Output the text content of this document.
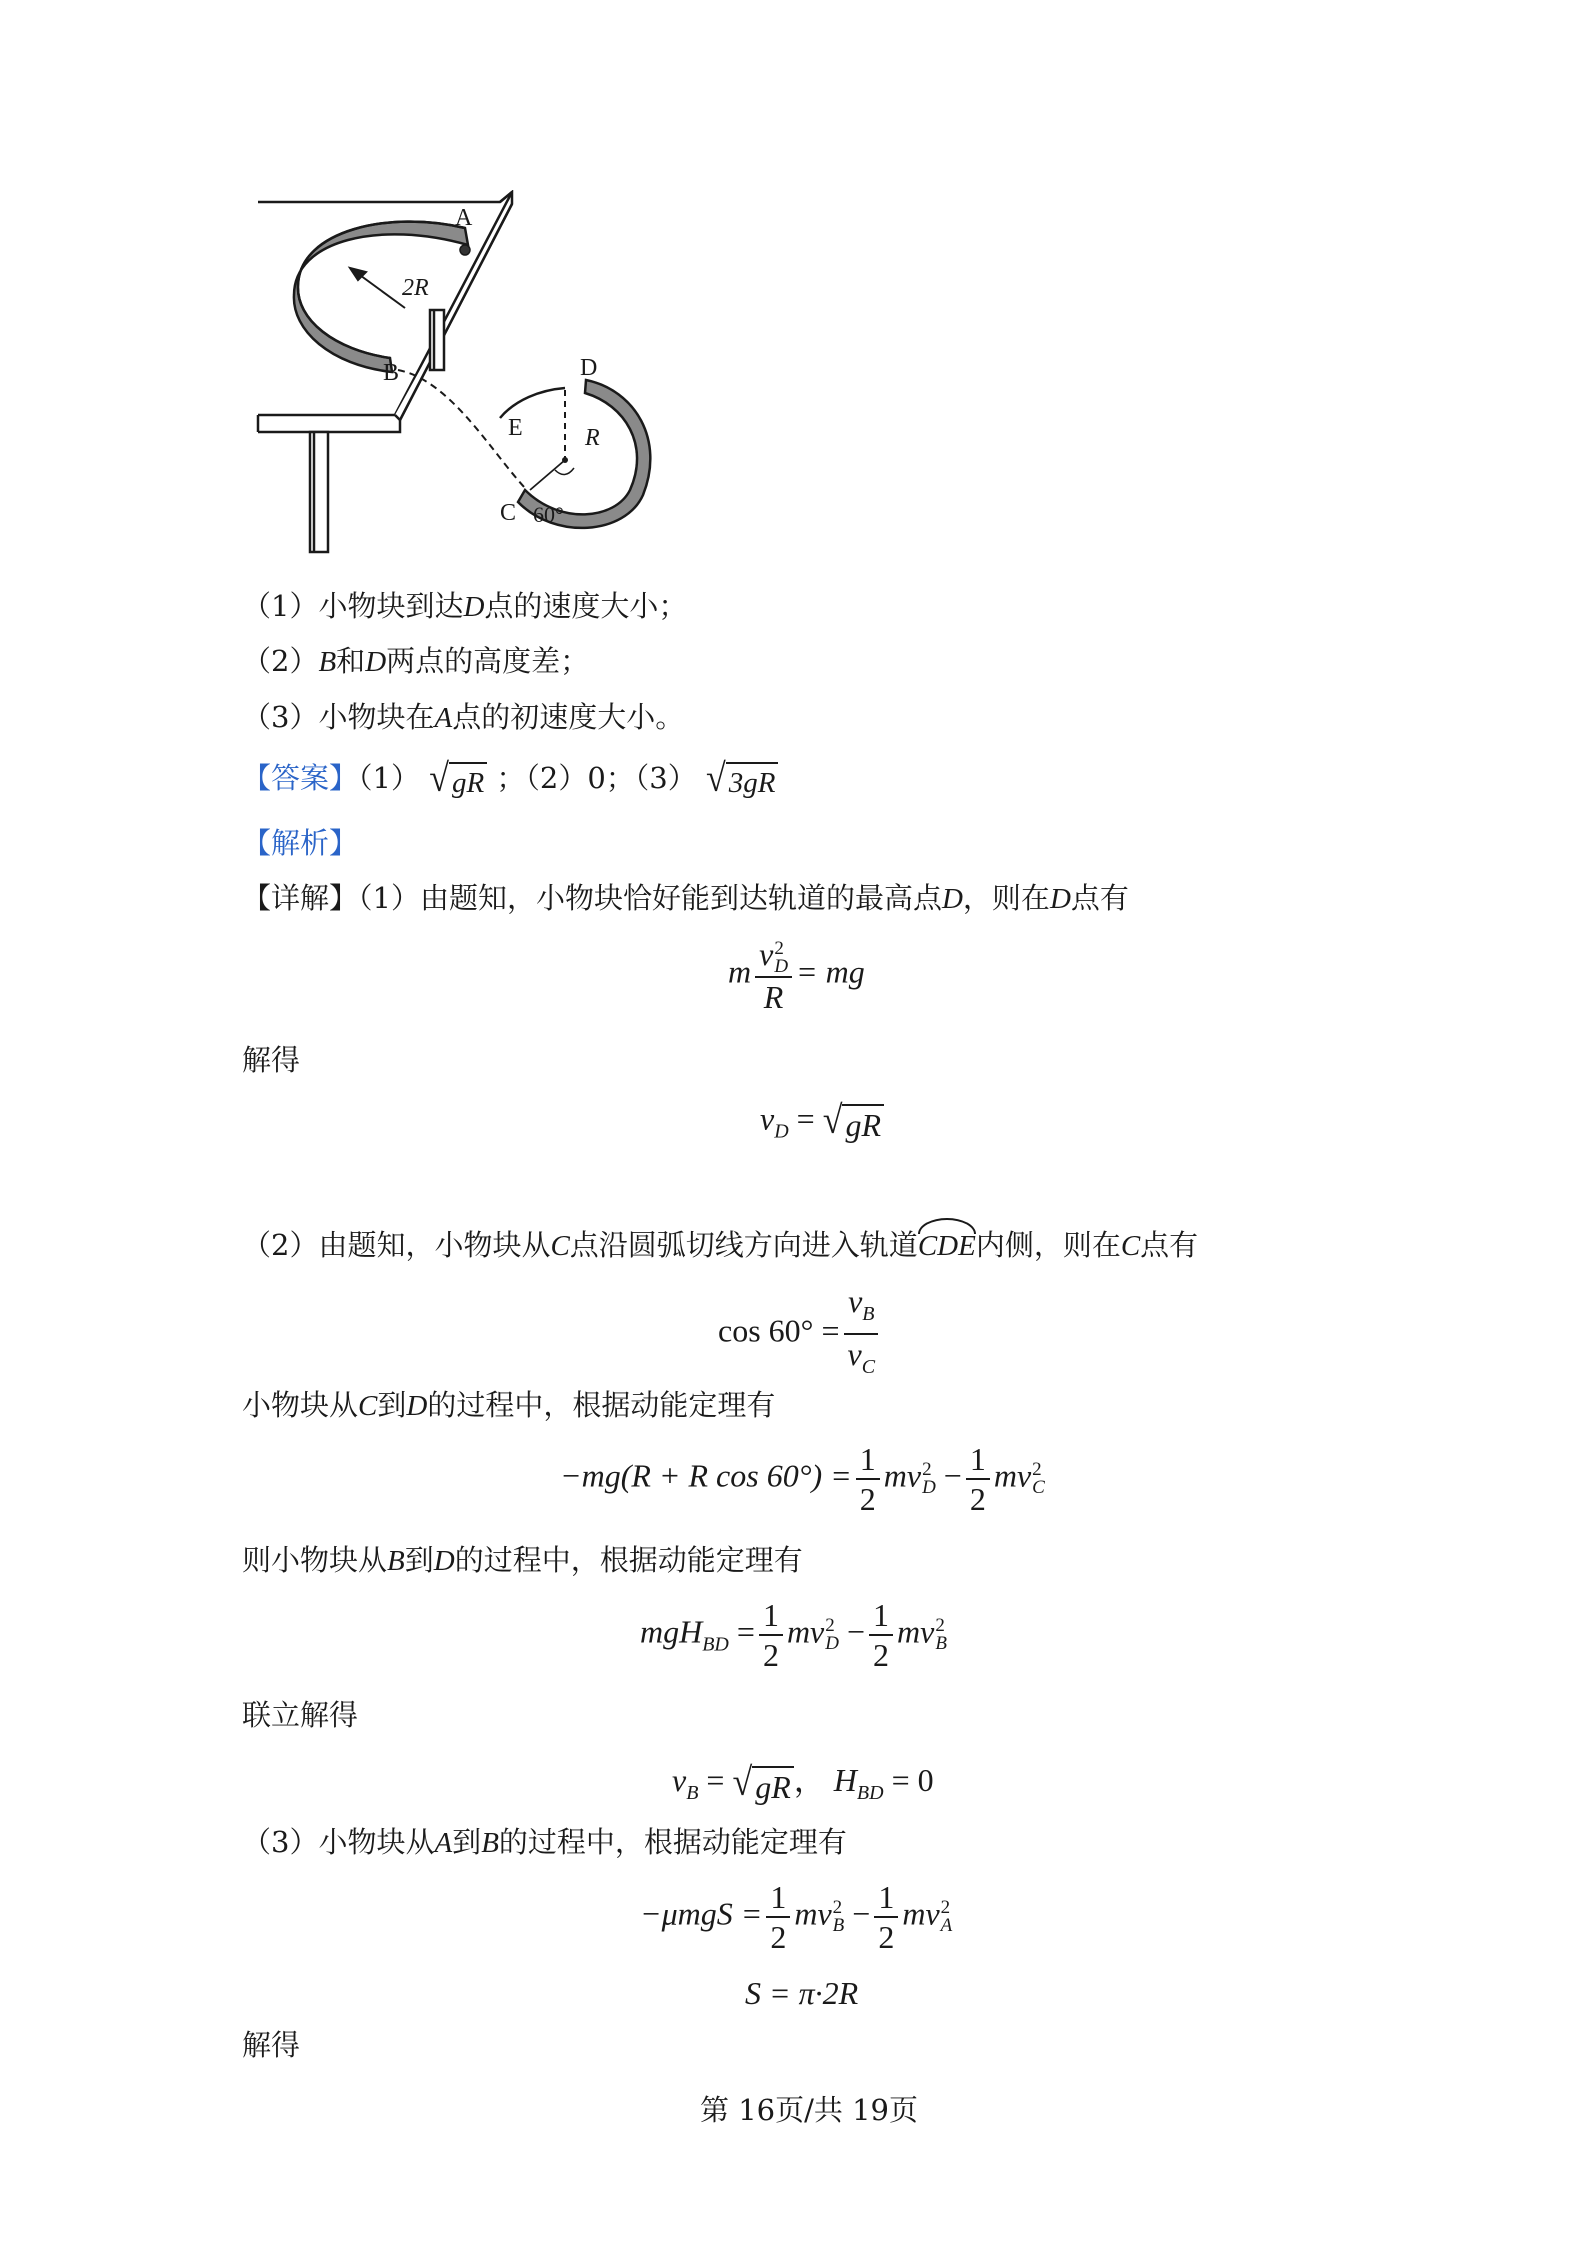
A
2R
B	D
E	R
C 60°
（1）小物块到达D点的速度大小；
（2）B和D两点的高度差；
（3）小物块在A点的初速度大小。
【答案】（1） √ gR ；（2）0；（3） √ 3gR
【解析】
【详解】（1）由题知，小物块恰好能到达轨道的最高点D，则在D点有
m v 2
D
R = mg
解得
$v_D$ = √ gR
（2）由题知，小物块从C点沿圆弧切线方向进入轨道CDE内侧，则在C点有
$\cos 60^\circ = \frac{v_B}{v_C}$
小物块从C到D的过程中，根据动能定理有
−mg(R + R $\cos 60^\circ) = \frac{1}{2}$ mv 2
$D - \frac{1}{2}$ mv 2
C
则小物块从B到D的过程中，根据动能定理有
$mgH_{BD} = \frac{1}{2}$ mv 2
$D - \frac{1}{2}$ mv 2
B
联立解得
$v_B$ = √ gR ， $H_{BD} = 0$
（3）小物块从A到B的过程中，根据动能定理有
$-\mu mgS = \frac{1}{2}$ mv 2
$B - \frac{1}{2}$ mv 2
A
S = π·2R
解得
第 16页/共 19页
